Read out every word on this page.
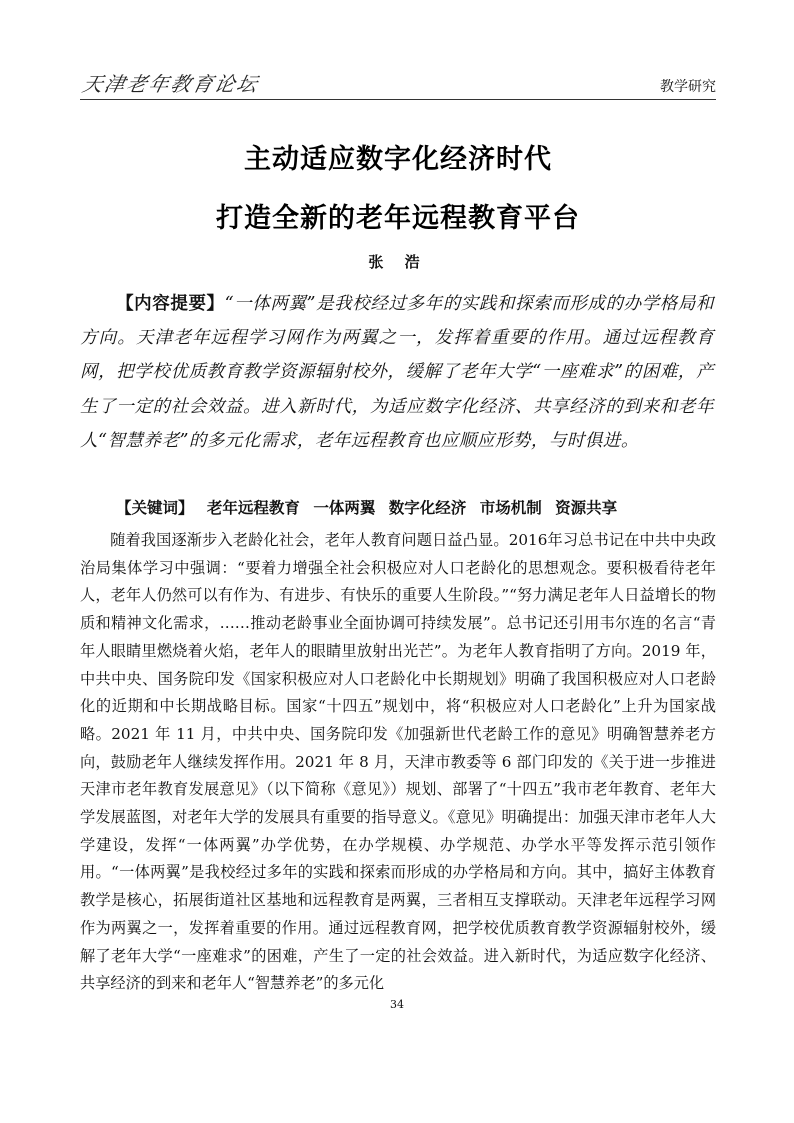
天津老年教育论坛	教学研究
主动适应数字化经济时代
打造全新的老年远程教育平台
张 浩

【内容提要】“一体两翼”是我校经过多年的实践和探索而形成的办学格局和方向。天津老年远程学习网作为两翼之一，发挥着重要的作用。通过远程教育网，把学校优质教育教学资源辐射校外，缓解了老年大学“一座难求”的困难，产生了一定的社会效益。进入新时代，为适应数字化经济、共享经济的到来和老年人“智慧养老”的多元化需求，老年远程教育也应顺应形势，与时俱进。

【关键词】 老年远程教育 一体两翼 数字化经济 市场机制 资源共享

随着我国逐渐步入老龄化社会，老年人教育问题日益凸显。2016年习总书记在中共中央政治局集体学习中强调：“要着力增强全社会积极应对人口老龄化的思想观念。要积极看待老年人，老年人仍然可以有作为、有进步、有快乐的重要人生阶段。”“努力满足老年人日益增长的物质和精神文化需求，……推动老龄事业全面协调可持续发展”。总书记还引用韦尔连的名言“青年人眼睛里燃烧着火焰，老年人的眼睛里放射出光芒”。为老年人教育指明了方向。2019 年，中共中央、国务院印发《国家积极应对人口老龄化中长期规划》明确了我国积极应对人口老龄化的近期和中长期战略目标。国家“十四五”规划中，将“积极应对人口老龄化”上升为国家战略。2021 年 11 月，中共中央、国务院印发《加强新世代老龄工作的意见》明确智慧养老方向，鼓励老年人继续发挥作用。2021 年 8 月，天津市教委等 6 部门印发的《关于进一步推进天津市老年教育发展意见》（以下简称《意见》）规划、部署了“十四五”我市老年教育、老年大学发展蓝图，对老年大学的发展具有重要的指导意义。《意见》明确提出：加强天津市老年人大学建设，发挥“一体两翼”办学优势，在办学规模、办学规范、办学水平等发挥示范引领作用。“一体两翼”是我校经过多年的实践和探索而形成的办学格局和方向。其中，搞好主体教育教学是核心，拓展街道社区基地和远程教育是两翼，三者相互支撑联动。天津老年远程学习网作为两翼之一，发挥着重要的作用。通过远程教育网，把学校优质教育教学资源辐射校外，缓解了老年大学“一座难求”的困难，产生了一定的社会效益。进入新时代，为适应数字化经济、共享经济的到来和老年人“智慧养老”的多元化

34
